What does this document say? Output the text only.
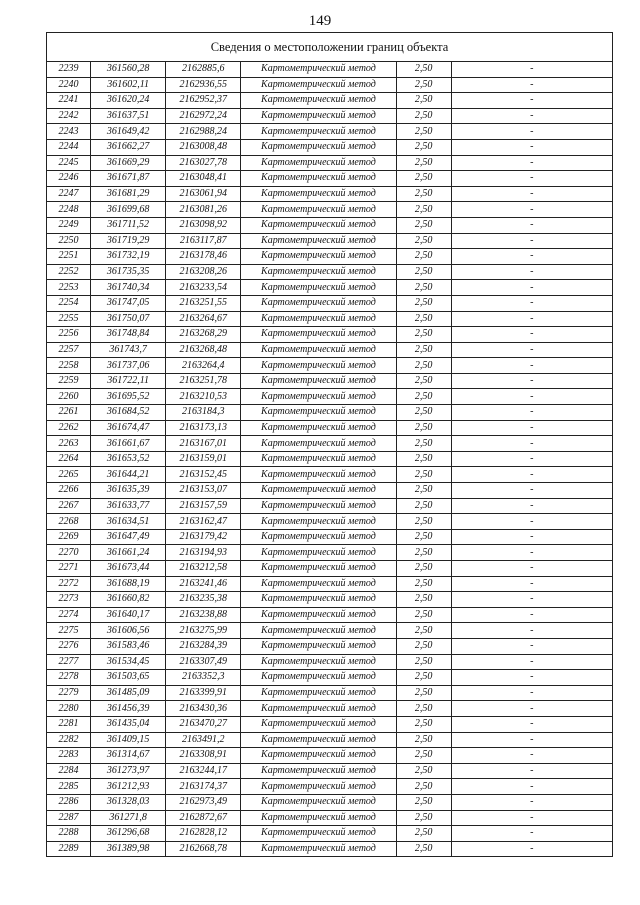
149
Сведения о местоположении границ объекта					
2239	361560,28	2162885,6	Картометрический метод	2,50	-
2240	361602,11	2162936,55	Картометрический метод	2,50	-
2241	361620,24	2162952,37	Картометрический метод	2,50	-
2242	361637,51	2162972,24	Картометрический метод	2,50	-
2243	361649,42	2162988,24	Картометрический метод	2,50	-
2244	361662,27	2163008,48	Картометрический метод	2,50	-
2245	361669,29	2163027,78	Картометрический метод	2,50	-
2246	361671,87	2163048,41	Картометрический метод	2,50	-
2247	361681,29	2163061,94	Картометрический метод	2,50	-
2248	361699,68	2163081,26	Картометрический метод	2,50	-
2249	361711,52	2163098,92	Картометрический метод	2,50	-
2250	361719,29	2163117,87	Картометрический метод	2,50	-
2251	361732,19	2163178,46	Картометрический метод	2,50	-
2252	361735,35	2163208,26	Картометрический метод	2,50	-
2253	361740,34	2163233,54	Картометрический метод	2,50	-
2254	361747,05	2163251,55	Картометрический метод	2,50	-
2255	361750,07	2163264,67	Картометрический метод	2,50	-
2256	361748,84	2163268,29	Картометрический метод	2,50	-
2257	361743,7	2163268,48	Картометрический метод	2,50	-
2258	361737,06	2163264,4	Картометрический метод	2,50	-
2259	361722,11	2163251,78	Картометрический метод	2,50	-
2260	361695,52	2163210,53	Картометрический метод	2,50	-
2261	361684,52	2163184,3	Картометрический метод	2,50	-
2262	361674,47	2163173,13	Картометрический метод	2,50	-
2263	361661,67	2163167,01	Картометрический метод	2,50	-
2264	361653,52	2163159,01	Картометрический метод	2,50	-
2265	361644,21	2163152,45	Картометрический метод	2,50	-
2266	361635,39	2163153,07	Картометрический метод	2,50	-
2267	361633,77	2163157,59	Картометрический метод	2,50	-
2268	361634,51	2163162,47	Картометрический метод	2,50	-
2269	361647,49	2163179,42	Картометрический метод	2,50	-
2270	361661,24	2163194,93	Картометрический метод	2,50	-
2271	361673,44	2163212,58	Картометрический метод	2,50	-
2272	361688,19	2163241,46	Картометрический метод	2,50	-
2273	361660,82	2163235,38	Картометрический метод	2,50	-
2274	361640,17	2163238,88	Картометрический метод	2,50	-
2275	361606,56	2163275,99	Картометрический метод	2,50	-
2276	361583,46	2163284,39	Картометрический метод	2,50	-
2277	361534,45	2163307,49	Картометрический метод	2,50	-
2278	361503,65	2163352,3	Картометрический метод	2,50	-
2279	361485,09	2163399,91	Картометрический метод	2,50	-
2280	361456,39	2163430,36	Картометрический метод	2,50	-
2281	361435,04	2163470,27	Картометрический метод	2,50	-
2282	361409,15	2163491,2	Картометрический метод	2,50	-
2283	361314,67	2163308,91	Картометрический метод	2,50	-
2284	361273,97	2163244,17	Картометрический метод	2,50	-
2285	361212,93	2163174,37	Картометрический метод	2,50	-
2286	361328,03	2162973,49	Картометрический метод	2,50	-
2287	361271,8	2162872,67	Картометрический метод	2,50	-
2288	361296,68	2162828,12	Картометрический метод	2,50	-
2289	361389,98	2162668,78	Картометрический метод	2,50	-
